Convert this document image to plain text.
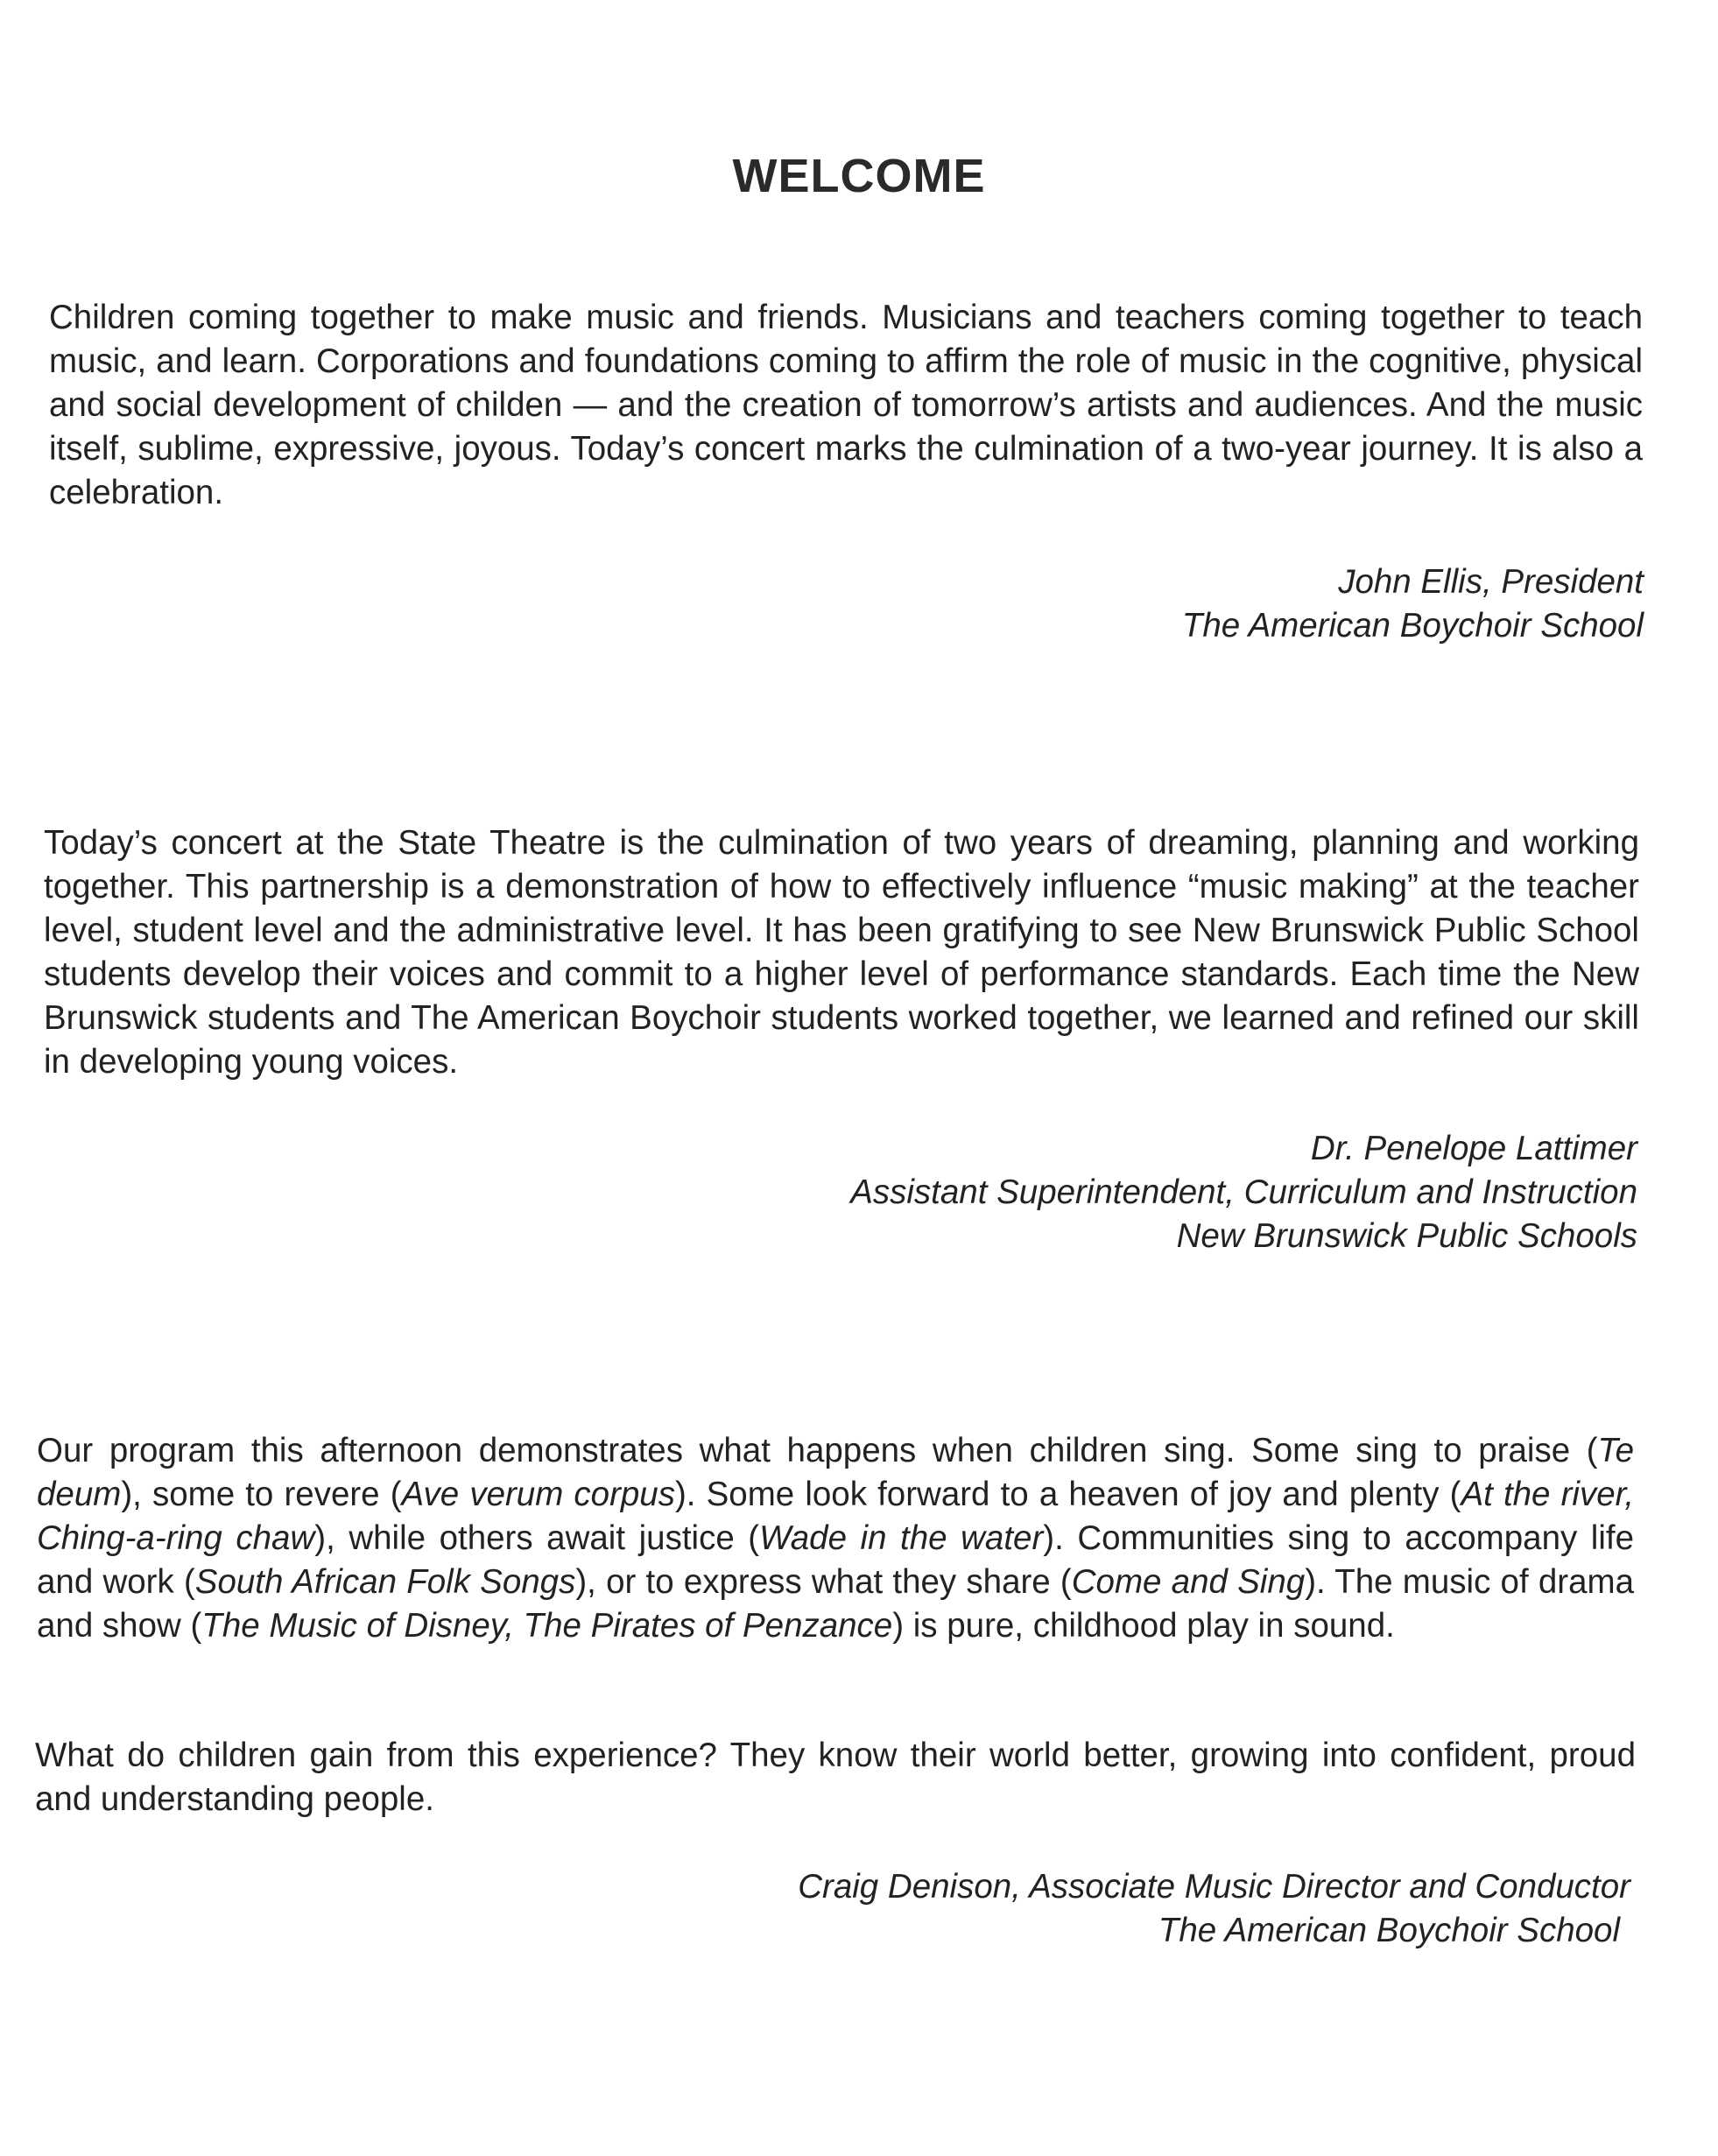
WELCOME

Children coming together to make music and friends. Musicians and teachers coming together to teach music, and learn. Corporations and foundations coming to affirm the role of music in the cognitive, physical and social development of childen — and the creation of tomorrow’s artists and audiences. And the music itself, sublime, expressive, joyous. Today’s concert marks the culmination of a two-year journey. It is also a celebration.

John Ellis, President
The American Boychoir School

Today’s concert at the State Theatre is the culmination of two years of dreaming, planning and working together. This partnership is a demonstration of how to effectively influence “music making” at the teacher level, student level and the administrative level. It has been gratifying to see New Brunswick Public School students develop their voices and commit to a higher level of performance standards. Each time the New Brunswick students and The American Boychoir students worked together, we learned and refined our skill in developing young voices.

Dr. Penelope Lattimer
Assistant Superintendent, Curriculum and Instruction
New Brunswick Public Schools

Our program this afternoon demonstrates what happens when children sing. Some sing to praise (Te deum), some to revere (Ave verum corpus). Some look forward to a heaven of joy and plenty (At the river, Ching-a-ring chaw), while others await justice (Wade in the water). Communities sing to accompany life and work (South African Folk Songs), or to express what they share (Come and Sing). The music of drama and show (The Music of Disney, The Pirates of Penzance) is pure, childhood play in sound.

What do children gain from this experience? They know their world better, growing into confident, proud and understanding people.

Craig Denison, Associate Music Director and Conductor
The American Boychoir School
